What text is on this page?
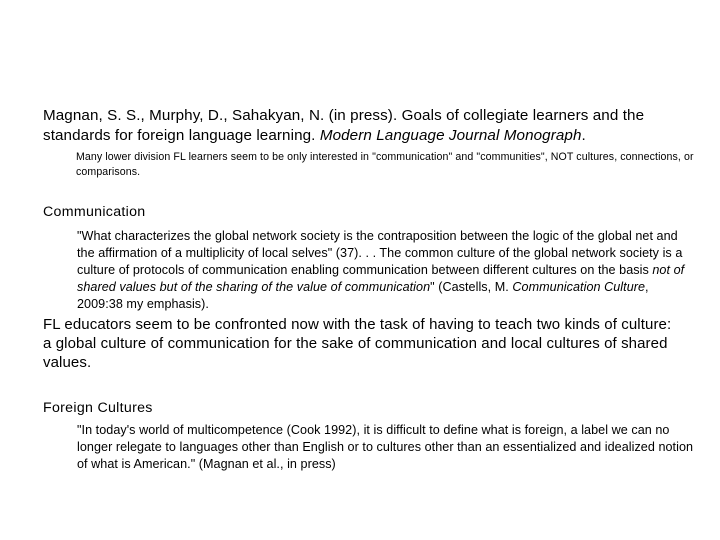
Magnan, S. S., Murphy, D., Sahakyan, N. (in press). Goals of collegiate learners and the standards for foreign language learning. Modern Language Journal Monograph.
Many lower division FL learners seem to be only interested in "communication" and "communities", NOT cultures, connections, or comparisons.
Communication
"What characterizes the global network society is the contraposition between the logic of the global net and the affirmation of a multiplicity of local selves" (37). . . The common culture of the global network society is a culture of protocols of communication enabling communication between different cultures on the basis not of shared values but of the sharing of the value of communication" (Castells, M. Communication Culture, 2009:38 my emphasis).
FL educators seem to be confronted now with the task of having to teach two kinds of culture: a global culture of communication for the sake of communication and local cultures of shared values.
Foreign Cultures
"In today's world of multicompetence (Cook 1992), it is difficult to define what is foreign, a label we can no longer relegate to languages other than English or to cultures other than an essentialized and idealized notion of what is American." (Magnan et al., in press)
